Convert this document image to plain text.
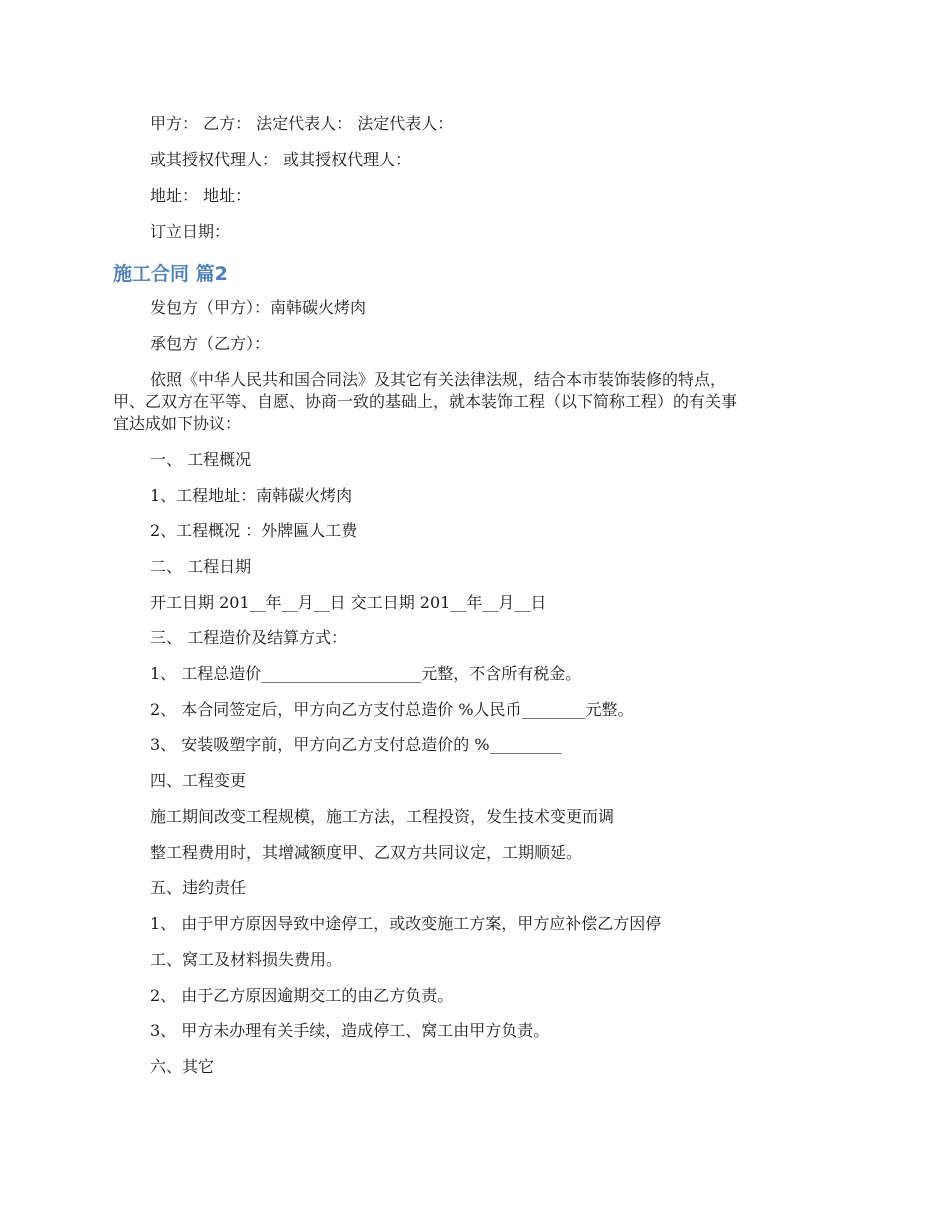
甲方： 乙方： 法定代表人： 法定代表人：
或其授权代理人： 或其授权代理人：
地址： 地址：
订立日期：
施工合同 篇2
发包方（甲方）：南韩碳火烤肉
承包方（乙方）：
依照《中华人民共和国合同法》及其它有关法律法规，结合本市装饰装修的特点，
甲、乙双方在平等、自愿、协商一致的基础上，就本装饰工程（以下简称工程）的有关事
宜达成如下协议：
一、 工程概况
1、工程地址：南韩碳火烤肉
2、工程概况 ：外牌匾人工费
二、 工程日期
开工日期 201__年__月__日 交工日期 201__年__月__日
三、 工程造价及结算方式：
1、 工程总造价____________________元整，不含所有税金。
2、 本合同签定后，甲方向乙方支付总造价 %人民币________元整。
3、 安装吸塑字前，甲方向乙方支付总造价的 %_________
四、工程变更
施工期间改变工程规模，施工方法，工程投资，发生技术变更而调
整工程费用时，其增减额度甲、乙双方共同议定，工期顺延。
五、违约责任
1、 由于甲方原因导致中途停工，或改变施工方案，甲方应补偿乙方因停
工、窝工及材料损失费用。
2、 由于乙方原因逾期交工的由乙方负责。
3、 甲方未办理有关手续，造成停工、窝工由甲方负责。
六、其它
